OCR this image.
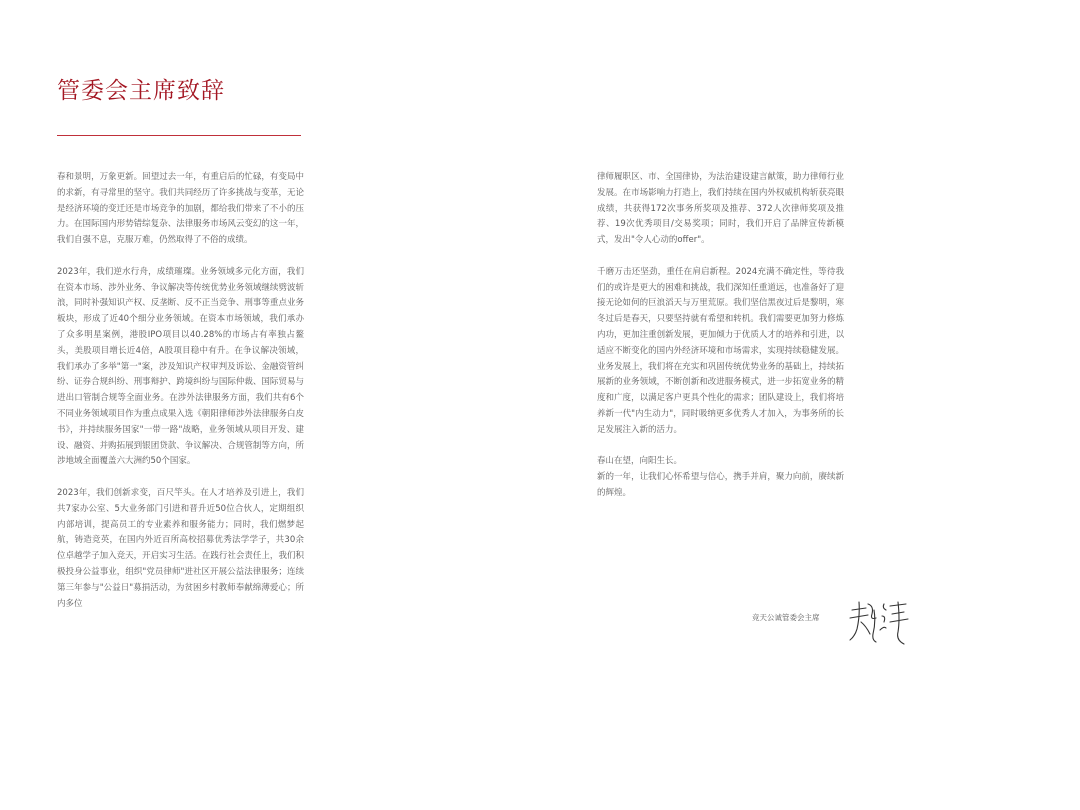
管委会主席致辞

春和景明，万象更新。回望过去一年，有重启后的忙碌，有变局中的求新，有寻常里的坚守。我们共同经历了许多挑战与变革，无论是经济环境的变迁还是市场竞争的加剧，都给我们带来了不小的压力。在国际国内形势错综复杂、法律服务市场风云变幻的这一年，我们自强不息，克服万难，仍然取得了不俗的成绩。

2023年，我们逆水行舟，成绩璀璨。业务领域多元化方面，我们在资本市场、涉外业务、争议解决等传统优势业务领域继续劈波斩浪，同时补强知识产权、反垄断、反不正当竞争、刑事等重点业务板块，形成了近40个细分业务领域。在资本市场领域，我们承办了众多明星案例，港股IPO项目以40.28%的市场占有率独占鳌头，美股项目增长近4倍，A股项目稳中有升。在争议解决领域，我们承办了多举"第一"案，涉及知识产权审判及诉讼、金融资管纠纷、证券合规纠纷、刑事辩护、跨境纠纷与国际仲裁、国际贸易与进出口管制合规等全面业务。在涉外法律服务方面，我们共有6个不同业务领域项目作为重点成果入选《朝阳律师涉外法律服务白皮书》，并持续服务国家"一带一路"战略，业务领域从项目开发、建设、融资、并购拓展到银团贷款、争议解决、合规管制等方向，所涉地域全面覆盖六大洲约50个国家。

2023年，我们创新求变，百尺竿头。在人才培养及引进上，我们共7家办公室、5大业务部门引进和晋升近50位合伙人，定期组织内部培训，提高员工的专业素养和服务能力；同时，我们燃梦起航，铸造竞英，在国内外近百所高校招募优秀法学学子，共30余位卓越学子加入竞天，开启实习生活。在践行社会责任上，我们积极投身公益事业，组织"党员律师"进社区开展公益法律服务；连续第三年参与"公益日"募捐活动，为贫困乡村教师奉献绵薄爱心；所内多位

律师履职区、市、全国律协，为法治建设建言献策，助力律师行业发展。在市场影响力打造上，我们持续在国内外权威机构斩获亮眼成绩，共获得172次事务所奖项及推荐、372人次律师奖项及推荐、19次优秀项目/交易奖项；同时，我们开启了品牌宣传新模式，发出"令人心动的offer"。

千磨万击还坚劲，重任在肩启新程。2024充满不确定性，等待我们的或许是更大的困难和挑战，我们深知任重道远，也准备好了迎接无论如何的巨浪滔天与万里荒原。我们坚信黑夜过后是黎明，寒冬过后是春天，只要坚持就有希望和转机。我们需要更加努力修炼内功，更加注重创新发展，更加倾力于优质人才的培养和引进，以适应不断变化的国内外经济环境和市场需求，实现持续稳健发展。业务发展上，我们将在充实和巩固传统优势业务的基础上，持续拓展新的业务领域，不断创新和改进服务模式，进一步拓宽业务的精度和广度，以满足客户更具个性化的需求；团队建设上，我们将培养新一代"内生动力"，同时吸纳更多优秀人才加入，为事务所的长足发展注入新的活力。

春山在望，向阳生长。

新的一年，让我们心怀希望与信心，携手并肩，聚力向前，赓续新的辉煌。

竞天公诚管委会主席
